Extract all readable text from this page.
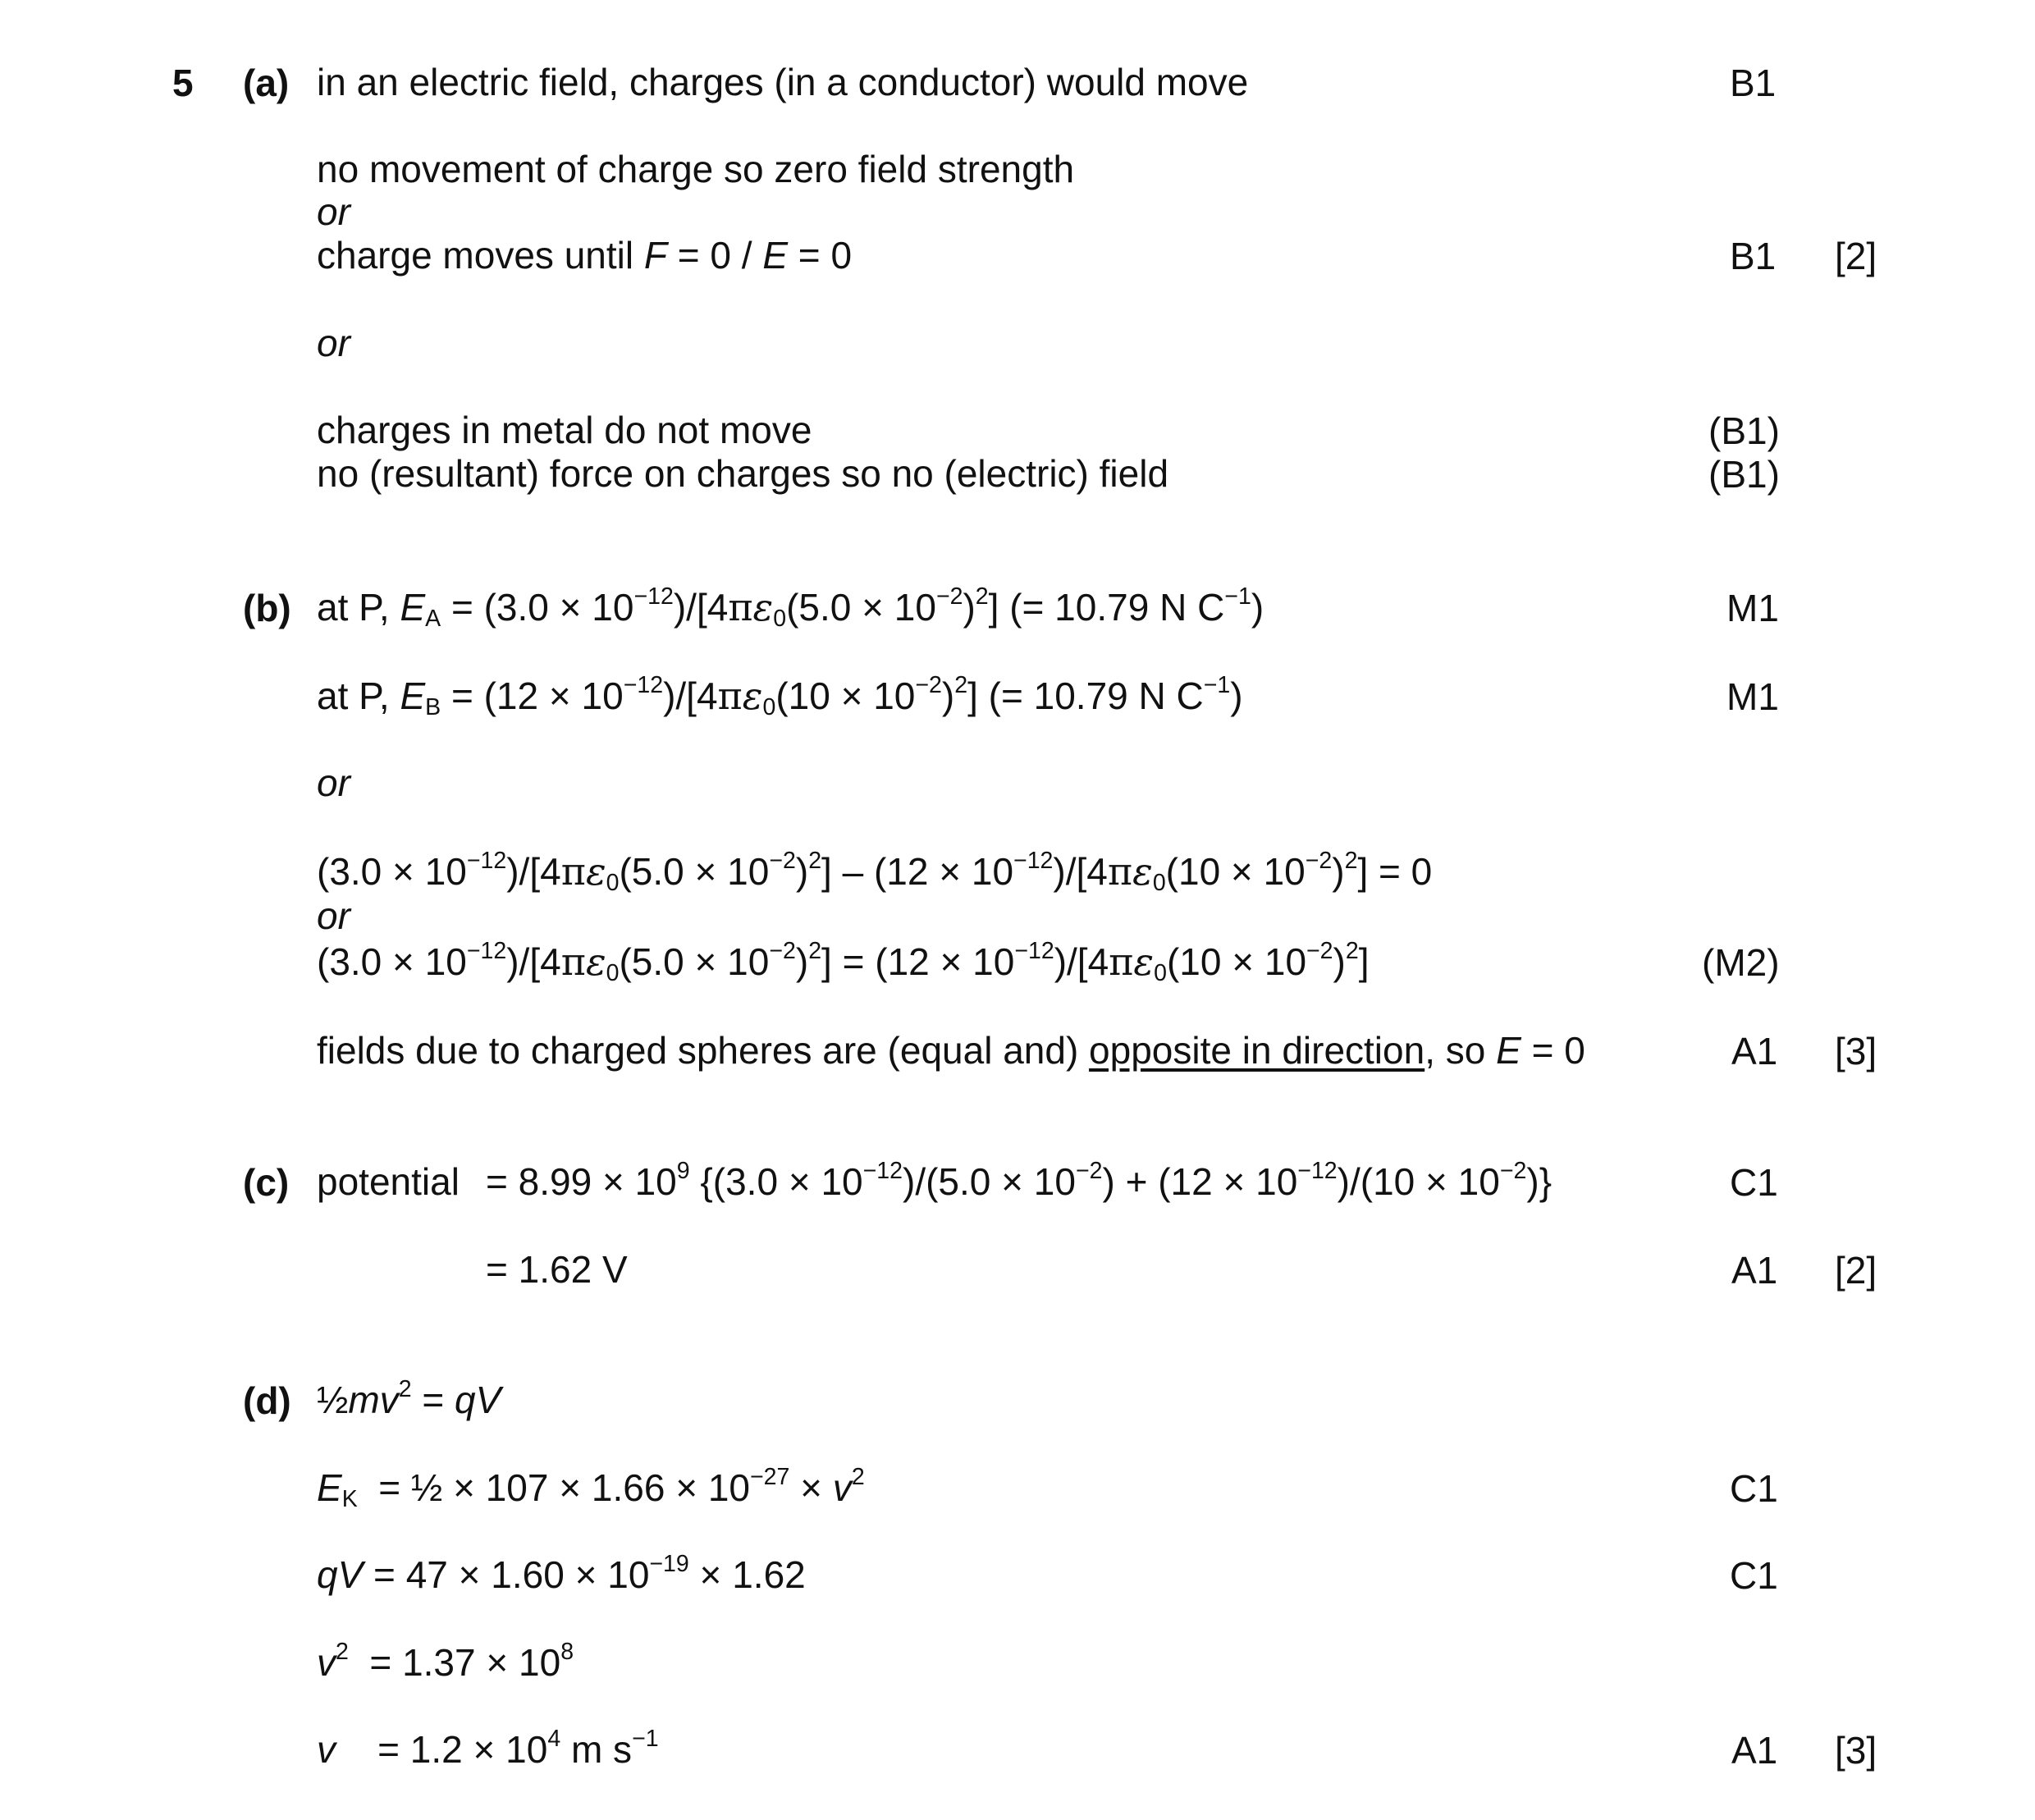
5 (a) in an electric field, charges (in a conductor) would move	B1
no movement of charge so zero field strength
or
charge moves until F = 0 / E = 0	B1 [2]
or
charges in metal do not move	(B1)
no (resultant) force on charges so no (electric) field	(B1)
(b) at P, $E_A = (3.0 \times 10^{-12})/[4\pi\varepsilon_0(5.0 \times 10^{-2})^2]$ (= 10.79 N $C^{-1}$)	M1
at P, $E_B = (12 \times 10^{-12})/[4\pi\varepsilon_0(10 \times 10^{-2})^2]$ (= 10.79 N $C^{-1}$)	M1
or
$(3.0 \times 10^{-12})/[4\pi\varepsilon_0(5.0 \times 10^{-2})^2] - (12 \times 10^{-12})/[4\pi\varepsilon_0(10 \times 10^{-2})^2] = 0$
or
$(3.0 \times 10^{-12})/[4\pi\varepsilon_0(5.0 \times 10^{-2})^2] = (12 \times 10^{-12})/[4\pi\varepsilon_0(10 \times 10^{-2})^2]$	(M2)
fields due to charged spheres are (equal and) opposite in direction, so E = 0	A1 [3]
(c) potential = $8.99 \times 10^9$ $\{(3.0 \times 10^{-12})/(5.0 \times 10^{-2}) + (12 \times 10^{-12})/(10 \times 10^{-2})\}$	C1
= 1.62 V	A1 [2]
(d) $\frac{1}{2}mv^2$ = qV
$E_K$  = ½ × $107 \times 1.66 \times 10^{-27} \times v^2$	C1
qV = $47 \times 1.60 \times 10^{-19} \times 1.62$	C1
$v^2 = 1.37 \times 10^8$
v    = $1.2 \times 10^4$ m $s^{-1}$	A1 [3]
